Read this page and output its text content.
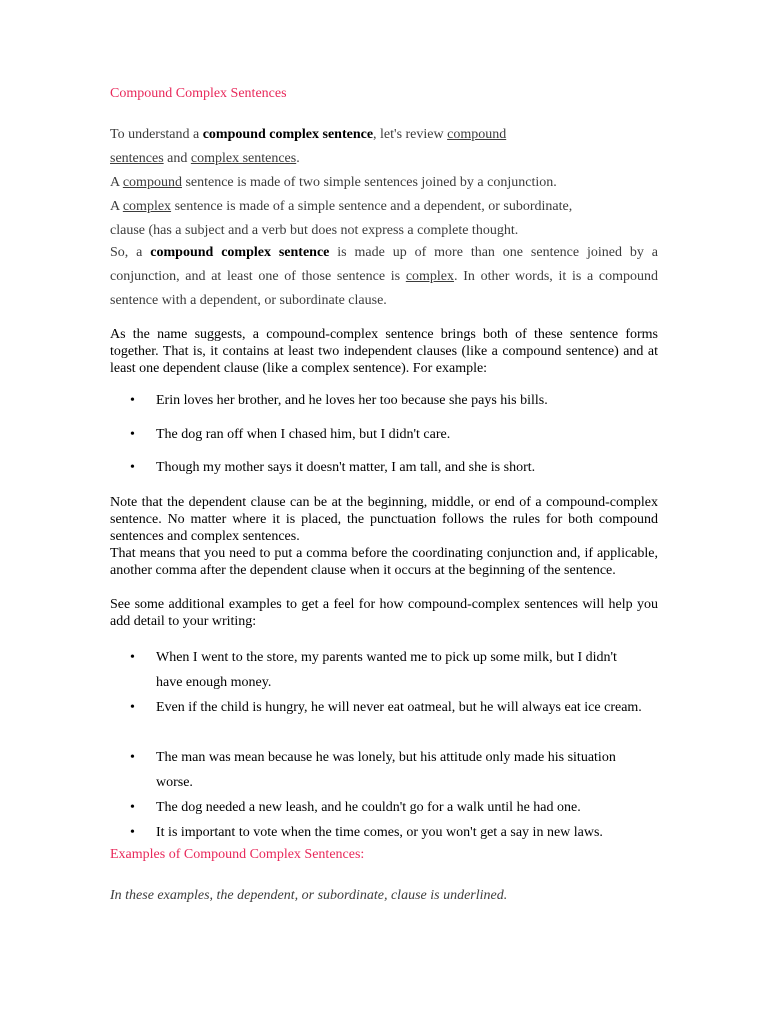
Compound Complex Sentences
To understand a compound complex sentence, let's review compound
sentences and complex sentences.
A compound sentence is made of two simple sentences joined by a conjunction.
A complex sentence is made of a simple sentence and a dependent, or subordinate,
clause (has a subject and a verb but does not express a complete thought.
So, a compound complex sentence is made up of more than one sentence joined by a conjunction, and at least one of those sentence is complex. In other words, it is a compound sentence with a dependent, or subordinate clause.
As the name suggests, a compound-complex sentence brings both of these sentence forms together. That is, it contains at least two independent clauses (like a compound sentence) and at least one dependent clause (like a complex sentence). For example:
• Erin loves her brother, and he loves her too because she pays his bills.
• The dog ran off when I chased him, but I didn't care.
• Though my mother says it doesn't matter, I am tall, and she is short.
Note that the dependent clause can be at the beginning, middle, or end of a compound-complex sentence. No matter where it is placed, the punctuation follows the rules for both compound sentences and complex sentences.
That means that you need to put a comma before the coordinating conjunction and, if applicable, another comma after the dependent clause when it occurs at the beginning of the sentence.
See some additional examples to get a feel for how compound-complex sentences will help you add detail to your writing:
• When I went to the store, my parents wanted me to pick up some milk, but I didn't have enough money.
• Even if the child is hungry, he will never eat oatmeal, but he will always eat ice cream.
• The man was mean because he was lonely, but his attitude only made his situation worse.
• The dog needed a new leash, and he couldn't go for a walk until he had one.
• It is important to vote when the time comes, or you won't get a say in new laws.
Examples of Compound Complex Sentences:
In these examples, the dependent, or subordinate, clause is underlined.
